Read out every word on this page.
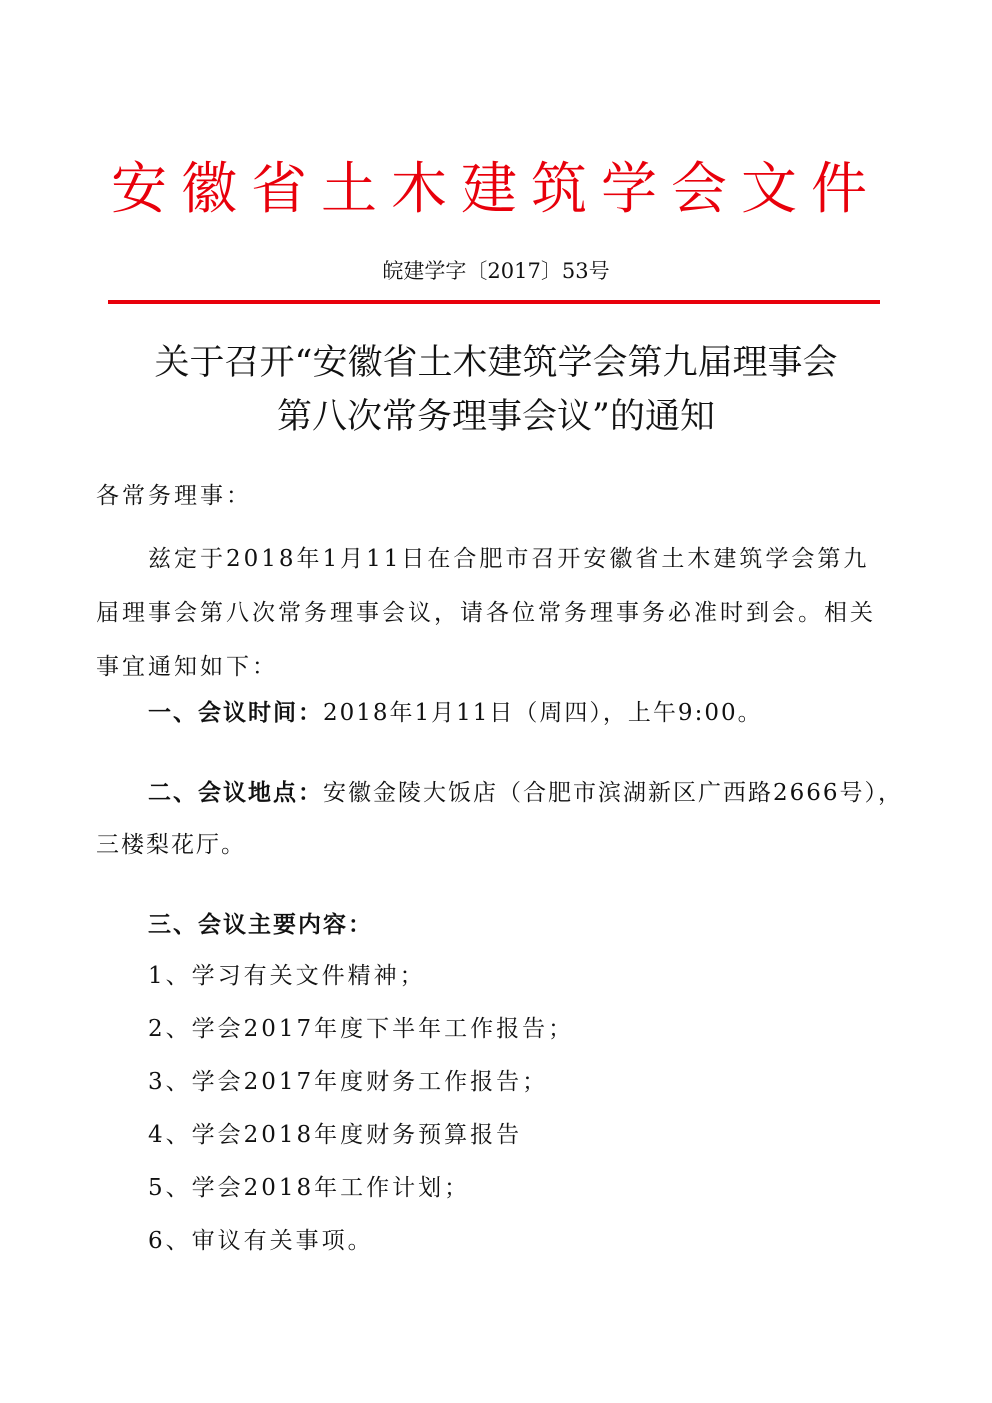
安徽省土木建筑学会文件
皖建学字〔2017〕53号
关于召开“安徽省土木建筑学会第九届理事会
第八次常务理事会议”的通知
各常务理事：
兹定于2018年1月11日在合肥市召开安徽省土木建筑学会第九
届理事会第八次常务理事会议，请各位常务理事务必准时到会。相关
事宜通知如下：
一、会议时间：2018年1月11日（周四），上午9:00。
二、会议地点：安徽金陵大饭店（合肥市滨湖新区广西路2666号），
三楼梨花厅。
三、会议主要内容：
1、学习有关文件精神；
2、学会2017年度下半年工作报告；
3、学会2017年度财务工作报告；
4、学会2018年度财务预算报告
5、学会2018年工作计划；
6、审议有关事项。
